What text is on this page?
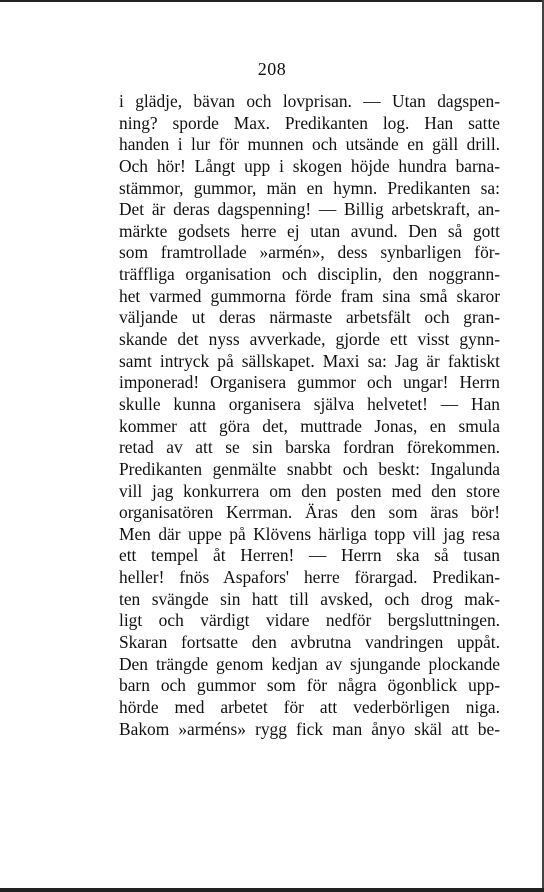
208
i glädje, bävan och lovprisan. — Utan dagspen-
ning? sporde Max. Predikanten log. Han satte
handen i lur för munnen och utsände en gäll drill.
Och hör! Långt upp i skogen höjde hundra barna-
stämmor, gummor, män en hymn. Predikanten sa:
Det är deras dagspenning! — Billig arbetskraft, an-
märkte godsets herre ej utan avund. Den så gott
som framtrollade »armén», dess synbarligen för-
träffliga organisation och disciplin, den noggrann-
het varmed gummorna förde fram sina små skaror
väljande ut deras närmaste arbetsfält och gran-
skande det nyss avverkade, gjorde ett visst gynn-
samt intryck på sällskapet. Maxi sa: Jag är faktiskt
imponerad! Organisera gummor och ungar! Herrn
skulle kunna organisera själva helvetet! — Han
kommer att göra det, muttrade Jonas, en smula
retad av att se sin barska fordran förekommen.
Predikanten genmälte snabbt och beskt: Ingalunda
vill jag konkurrera om den posten med den store
organisatören Kerrman. Äras den som äras bör!
Men där uppe på Klövens härliga topp vill jag resa
ett tempel åt Herren! — Herrn ska så tusan
heller! fnös Aspafors' herre förargad. Predikan-
ten svängde sin hatt till avsked, och drog mak-
ligt och värdigt vidare nedför bergsluttningen.
Skaran fortsatte den avbrutna vandringen uppåt.
Den trängde genom kedjan av sjungande plockande
barn och gummor som för några ögonblick upp-
hörde med arbetet för att vederbörligen niga.
Bakom »arméns» rygg fick man ånyo skäl att be-
